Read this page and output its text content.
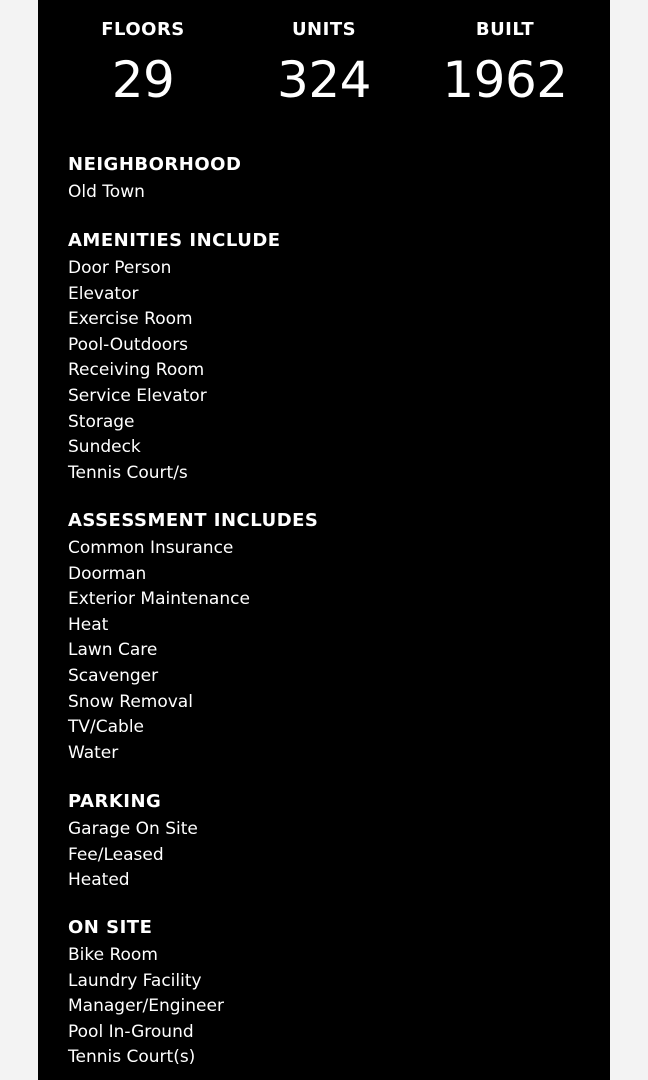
FLOORS
29
UNITS
324
BUILT
1962
NEIGHBORHOOD
Old Town
AMENITIES INCLUDE
Door Person
Elevator
Exercise Room
Pool-Outdoors
Receiving Room
Service Elevator
Storage
Sundeck
Tennis Court/s
ASSESSMENT INCLUDES
Common Insurance
Doorman
Exterior Maintenance
Heat
Lawn Care
Scavenger
Snow Removal
TV/Cable
Water
PARKING
Garage On Site
Fee/Leased
Heated
ON SITE
Bike Room
Laundry Facility
Manager/Engineer
Pool In-Ground
Tennis Court(s)
